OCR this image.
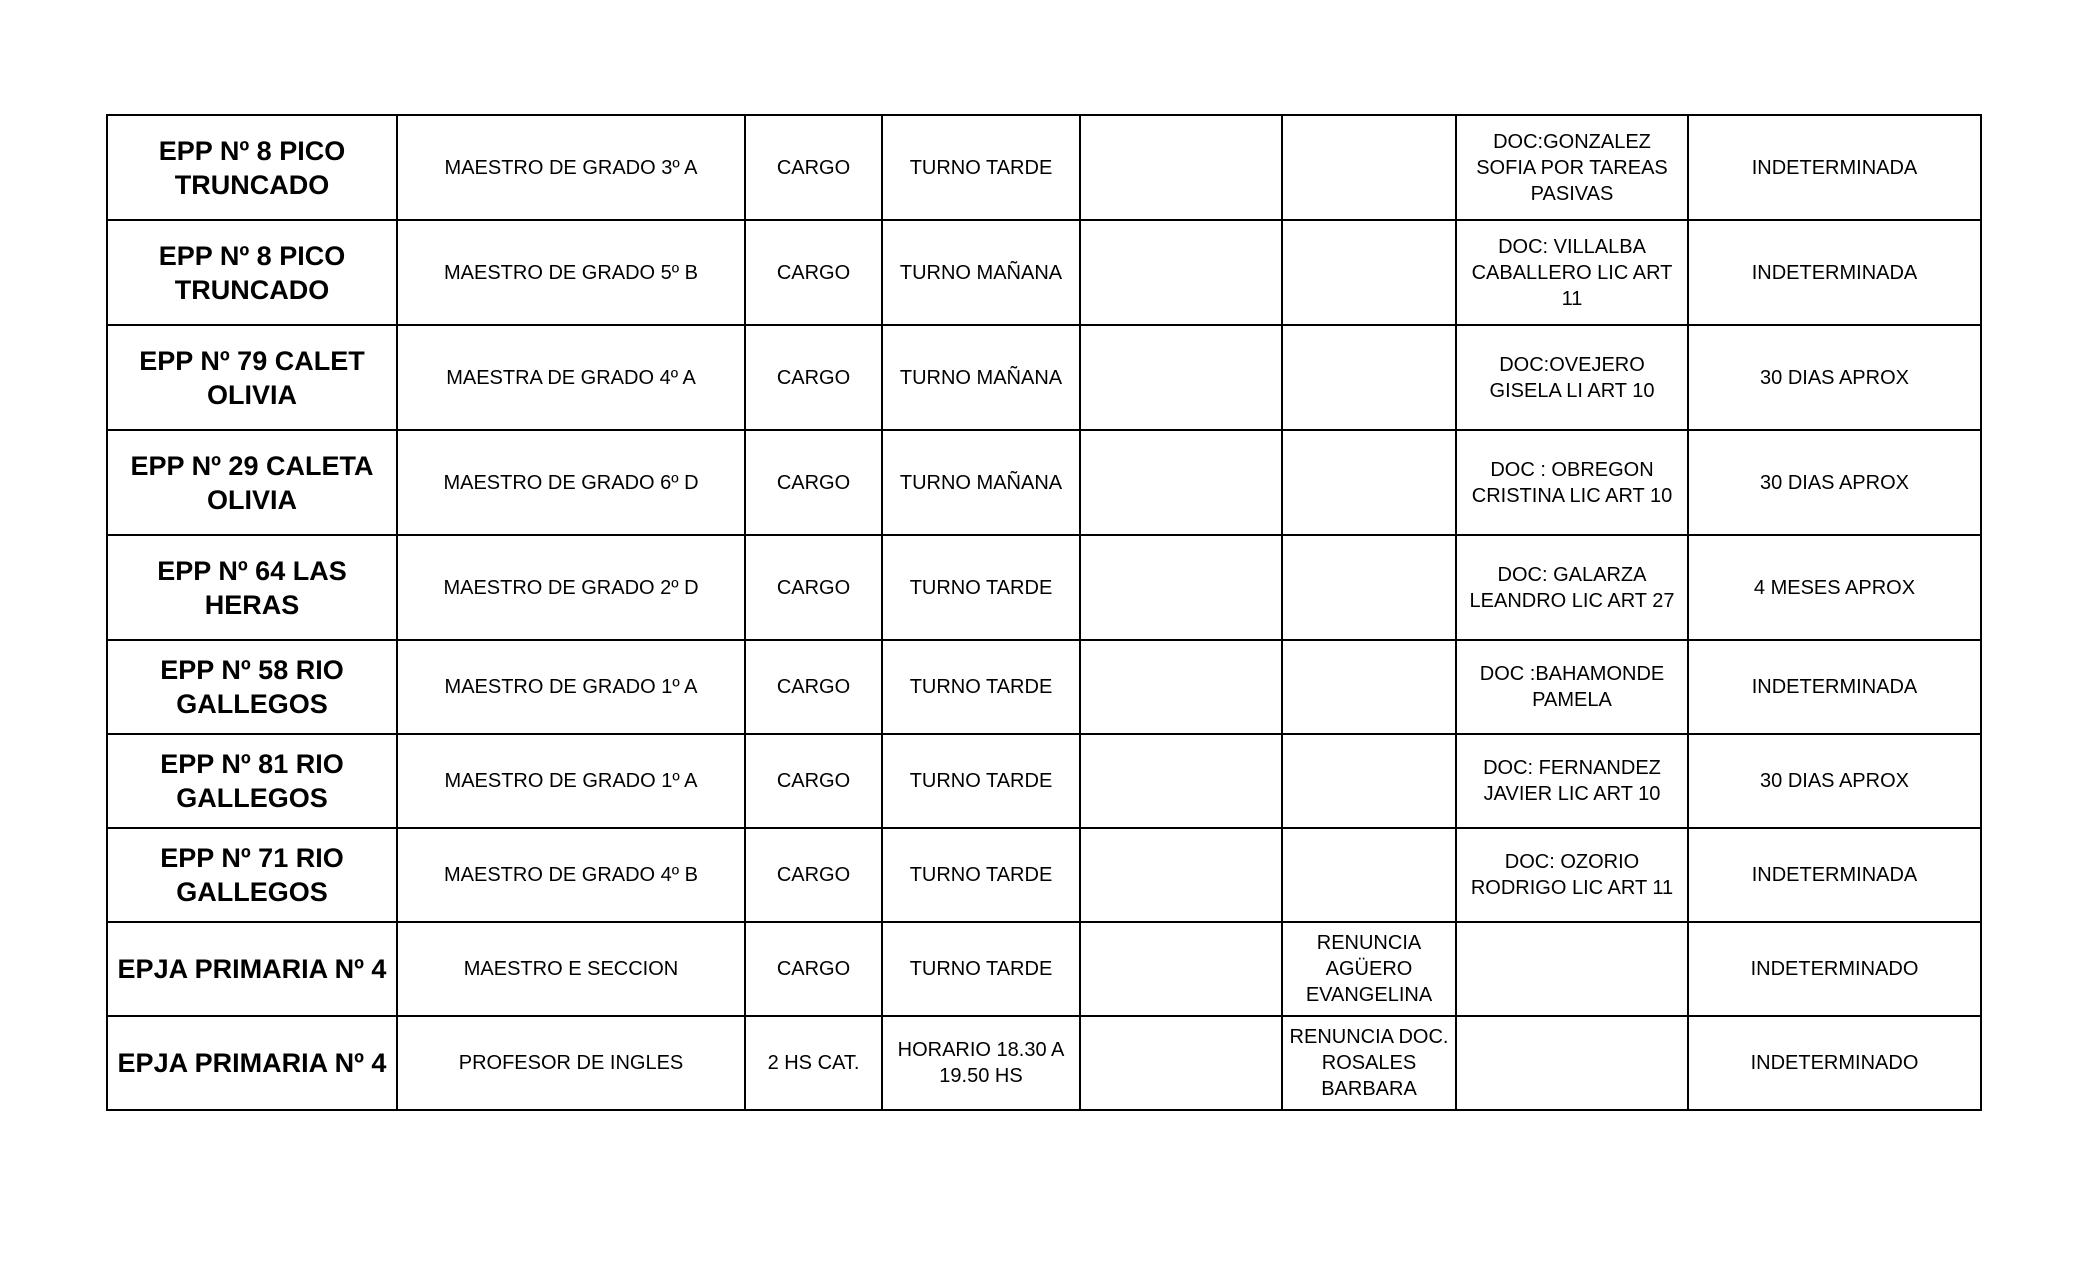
EPP Nº 8 PICO TRUNCADO	MAESTRO DE GRADO 3º A	CARGO	TURNO TARDE			DOC:GONZALEZ SOFIA POR TAREAS PASIVAS	INDETERMINADA
EPP Nº 8 PICO TRUNCADO	MAESTRO DE GRADO 5º B	CARGO	TURNO MAÑANA			DOC: VILLALBA CABALLERO LIC ART 11	INDETERMINADA
EPP Nº 79 CALET OLIVIA	MAESTRA DE GRADO 4º A	CARGO	TURNO MAÑANA			DOC:OVEJERO GISELA LI ART 10	30 DIAS APROX
EPP Nº 29 CALETA OLIVIA	MAESTRO DE GRADO 6º D	CARGO	TURNO MAÑANA			DOC : OBREGON CRISTINA LIC ART 10	30 DIAS APROX
EPP Nº 64 LAS HERAS	MAESTRO DE GRADO 2º D	CARGO	TURNO TARDE			DOC: GALARZA LEANDRO LIC ART 27	4 MESES APROX
EPP Nº 58 RIO GALLEGOS	MAESTRO DE GRADO 1º A	CARGO	TURNO TARDE			DOC :BAHAMONDE PAMELA	INDETERMINADA
EPP Nº 81 RIO GALLEGOS	MAESTRO DE GRADO 1º A	CARGO	TURNO TARDE			DOC: FERNANDEZ JAVIER LIC ART 10	30 DIAS APROX
EPP Nº 71 RIO GALLEGOS	MAESTRO DE GRADO 4º B	CARGO	TURNO TARDE			DOC: OZORIO RODRIGO LIC ART 11	INDETERMINADA
EPJA PRIMARIA Nº 4	MAESTRO E SECCION	CARGO	TURNO TARDE		RENUNCIA AGÜERO EVANGELINA		INDETERMINADO
EPJA PRIMARIA Nº 4	PROFESOR DE INGLES	2 HS CAT.	HORARIO 18.30 A 19.50 HS		RENUNCIA DOC. ROSALES BARBARA		INDETERMINADO
